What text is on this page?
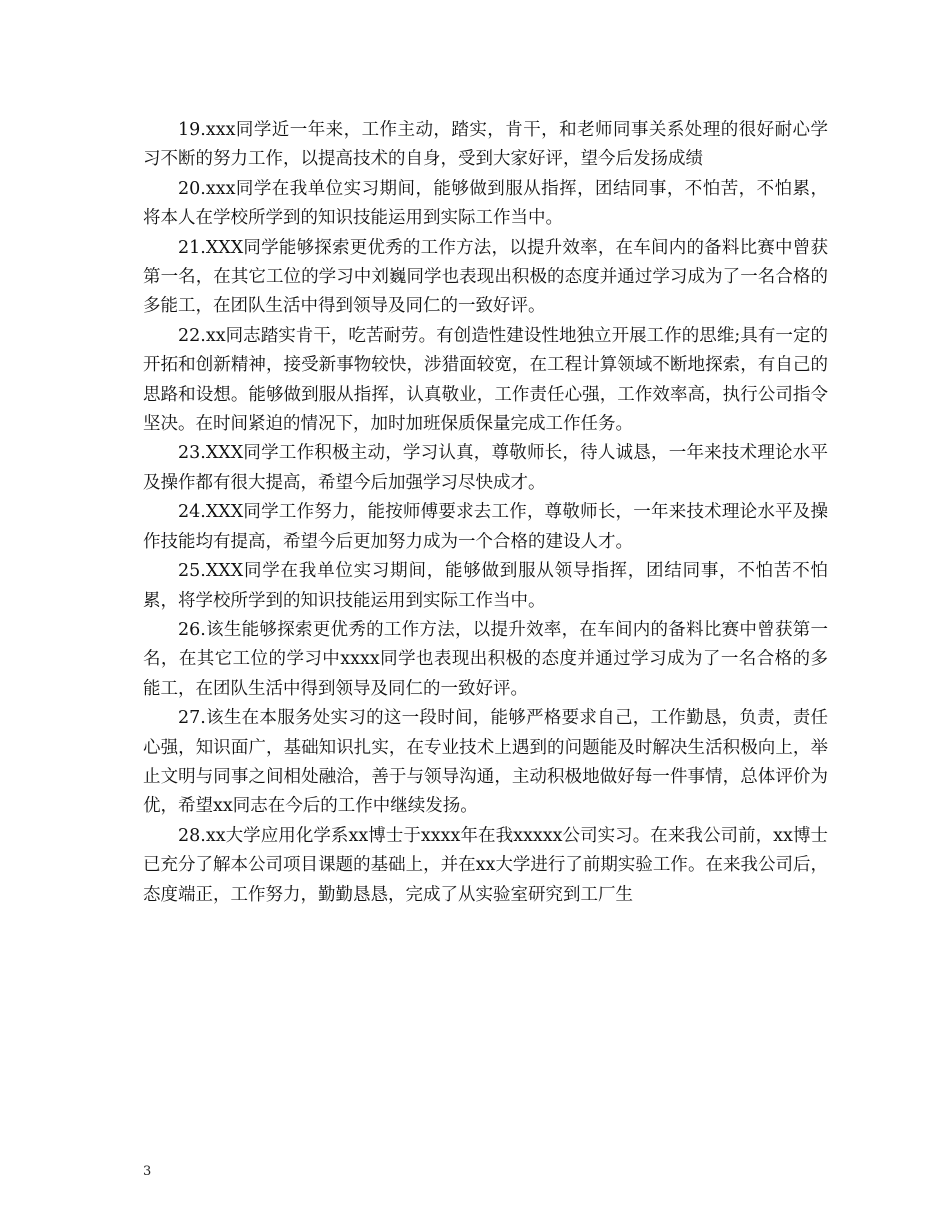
19.xxx同学近一年来，工作主动，踏实，肯干，和老师同事关系处理的很好耐心学习不断的努力工作，以提高技术的自身，受到大家好评，望今后发扬成绩

20.xxx同学在我单位实习期间，能够做到服从指挥，团结同事，不怕苦，不怕累，将本人在学校所学到的知识技能运用到实际工作当中。

21.XXX同学能够探索更优秀的工作方法，以提升效率，在车间内的备料比赛中曾获第一名，在其它工位的学习中刘巍同学也表现出积极的态度并通过学习成为了一名合格的多能工，在团队生活中得到领导及同仁的一致好评。

22.xx同志踏实肯干，吃苦耐劳。有创造性建设性地独立开展工作的思维;具有一定的开拓和创新精神，接受新事物较快，涉猎面较宽，在工程计算领域不断地探索，有自己的思路和设想。能够做到服从指挥，认真敬业，工作责任心强，工作效率高，执行公司指令坚决。在时间紧迫的情况下，加时加班保质保量完成工作任务。

23.XXX同学工作积极主动，学习认真，尊敬师长，待人诚恳，一年来技术理论水平及操作都有很大提高，希望今后加强学习尽快成才。

24.XXX同学工作努力，能按师傅要求去工作，尊敬师长，一年来技术理论水平及操作技能均有提高，希望今后更加努力成为一个合格的建设人才。

25.XXX同学在我单位实习期间，能够做到服从领导指挥，团结同事，不怕苦不怕累，将学校所学到的知识技能运用到实际工作当中。

26.该生能够探索更优秀的工作方法，以提升效率，在车间内的备料比赛中曾获第一名，在其它工位的学习中xxxx同学也表现出积极的态度并通过学习成为了一名合格的多能工，在团队生活中得到领导及同仁的一致好评。

27.该生在本服务处实习的这一段时间，能够严格要求自己，工作勤恳，负责，责任心强，知识面广，基础知识扎实，在专业技术上遇到的问题能及时解决生活积极向上，举止文明与同事之间相处融洽，善于与领导沟通，主动积极地做好每一件事情，总体评价为优，希望xx同志在今后的工作中继续发扬。

28.xx大学应用化学系xx博士于xxxx年在我xxxxx公司实习。在来我公司前，xx博士已充分了解本公司项目课题的基础上，并在xx大学进行了前期实验工作。在来我公司后，态度端正，工作努力，勤勤恳恳，完成了从实验室研究到工厂生

3
